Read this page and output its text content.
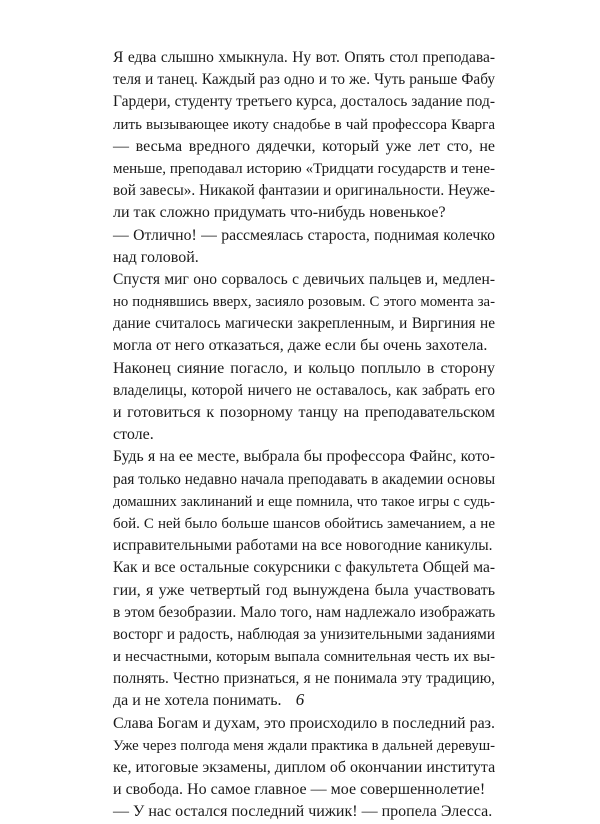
Я едва слышно хмыкнула. Ну вот. Опять стол преподава-
теля и танец. Каждый раз одно и то же. Чуть раньше Фабу
Гардери, студенту третьего курса, досталось задание под-
лить вызывающее икоту снадобье в чай профессора Кварга
— весьма вредного дядечки, который уже лет сто, не
меньше, преподавал историю «Тридцати государств и тене-
вой завесы». Никакой фантазии и оригинальности. Неуже-
ли так сложно придумать что-нибудь новенькое?
— Отлично! — рассмеялась староста, поднимая колечко
над головой.
Спустя миг оно сорвалось с девичьих пальцев и, медлен-
но поднявшись вверх, засияло розовым. С этого момента за-
дание считалось магически закрепленным, и Виргиния не
могла от него отказаться, даже если бы очень захотела.
Наконец сияние погасло, и кольцо поплыло в сторону
владелицы, которой ничего не оставалось, как забрать его
и готовиться к позорному танцу на преподавательском
столе.
Будь я на ее месте, выбрала бы профессора Файнс, кото-
рая только недавно начала преподавать в академии основы
домашних заклинаний и еще помнила, что такое игры с судь-
бой. С ней было больше шансов обойтись замечанием, а не
исправительными работами на все новогодние каникулы.
Как и все остальные сокурсники с факультета Общей ма-
гии, я уже четвертый год вынуждена была участвовать
в этом безобразии. Мало того, нам надлежало изображать
восторг и радость, наблюдая за унизительными заданиями
и несчастными, которым выпала сомнительная честь их вы-
полнять. Честно признаться, я не понимала эту традицию,
да и не хотела понимать.
Слава Богам и духам, это происходило в последний раз.
Уже через полгода меня ждали практика в дальней деревуш-
ке, итоговые экзамены, диплом об окончании института
и свобода. Но самое главное — мое совершеннолетие!
— У нас остался последний чижик! — пропела Элесса.
6
